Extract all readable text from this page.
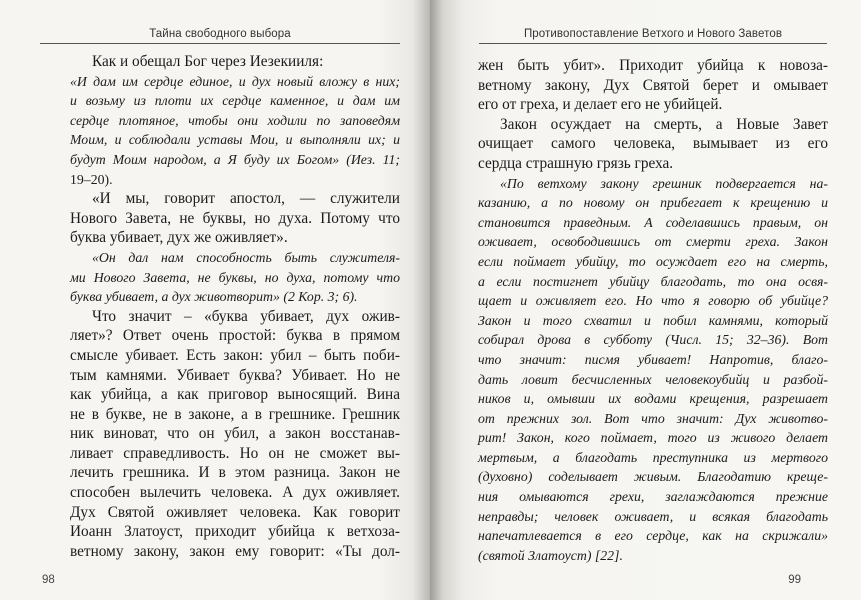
Тайна свободного выбора
Как и обещал Бог через Иезекииля:
«И дам им сердце единое, и дух новый вложу в них;
и возьму из плоти их сердце каменное, и дам им
сердце плотяное, чтобы они ходили по заповедям
Моим, и соблюдали уставы Мои, и выполняли их; и
будут Моим народом, а Я буду их Богом» (Иез. 11;
19–20).
«И мы, говорит апостол, — служители
Нового Завета, не буквы, но духа. Потому что
буква убивает, дух же оживляет».
«Он дал нам способность быть служителя-
ми Нового Завета, не буквы, но духа, потому что
буква убивает, а дух животворит» (2 Кор. 3; 6).
Что значит – «буква убивает, дух ожив-
ляет»? Ответ очень простой: буква в прямом
смысле убивает. Есть закон: убил – быть поби-
тым камнями. Убивает буква? Убивает. Но не
как убийца, а как приговор выносящий. Вина
не в букве, не в законе, а в грешнике. Грешник
ник виноват, что он убил, а закон восстанав-
ливает справедливость. Но он не сможет вы-
лечить грешника. И в этом разница. Закон не
способен вылечить человека. А дух оживляет.
Дух Святой оживляет человека. Как говорит
Иоанн Златоуст, приходит убийца к ветхоза-
ветному закону, закон ему говорит: «Ты дол-
98
Противопоставление Ветхого и Нового Заветов
жен быть убит». Приходит убийца к новоза-
ветному закону, Дух Святой берет и омывает
его от греха, и делает его не убийцей.
Закон осуждает на смерть, а Новые Завет
очищает самого человека, вымывает из его
сердца страшную грязь греха.
«По ветхому закону грешник подвергается на-
казанию, а по новому он прибегает к крещению и
становится праведным. А соделавшись правым, он
оживает, освободившись от смерти греха. Закон
если поймает убийцу, то осуждает его на смерть,
а если постигнет убийцу благодать, то она освя-
щает и оживляет его. Но что я говорю об убийце?
Закон и того схватил и побил камнями, который
собирал дрова в субботу (Числ. 15; 32–36). Вот
что значит: писмя убивает! Напротив, благо-
дать ловит бесчисленных человекоубийц и разбой-
ников и, омывши их водами крещения, разрешает
от прежних зол. Вот что значит: Дух животво-
рит! Закон, кого поймает, того из живого делает
мертвым, а благодать преступника из мертвого
(духовно) соделывает живым. Благодатию креще-
ния омываются грехи, заглаждаются прежние
неправды; человек оживает, и всякая благодать
напечатлевается в его сердце, как на скрижали»
(святой Златоуст) [22].
99
